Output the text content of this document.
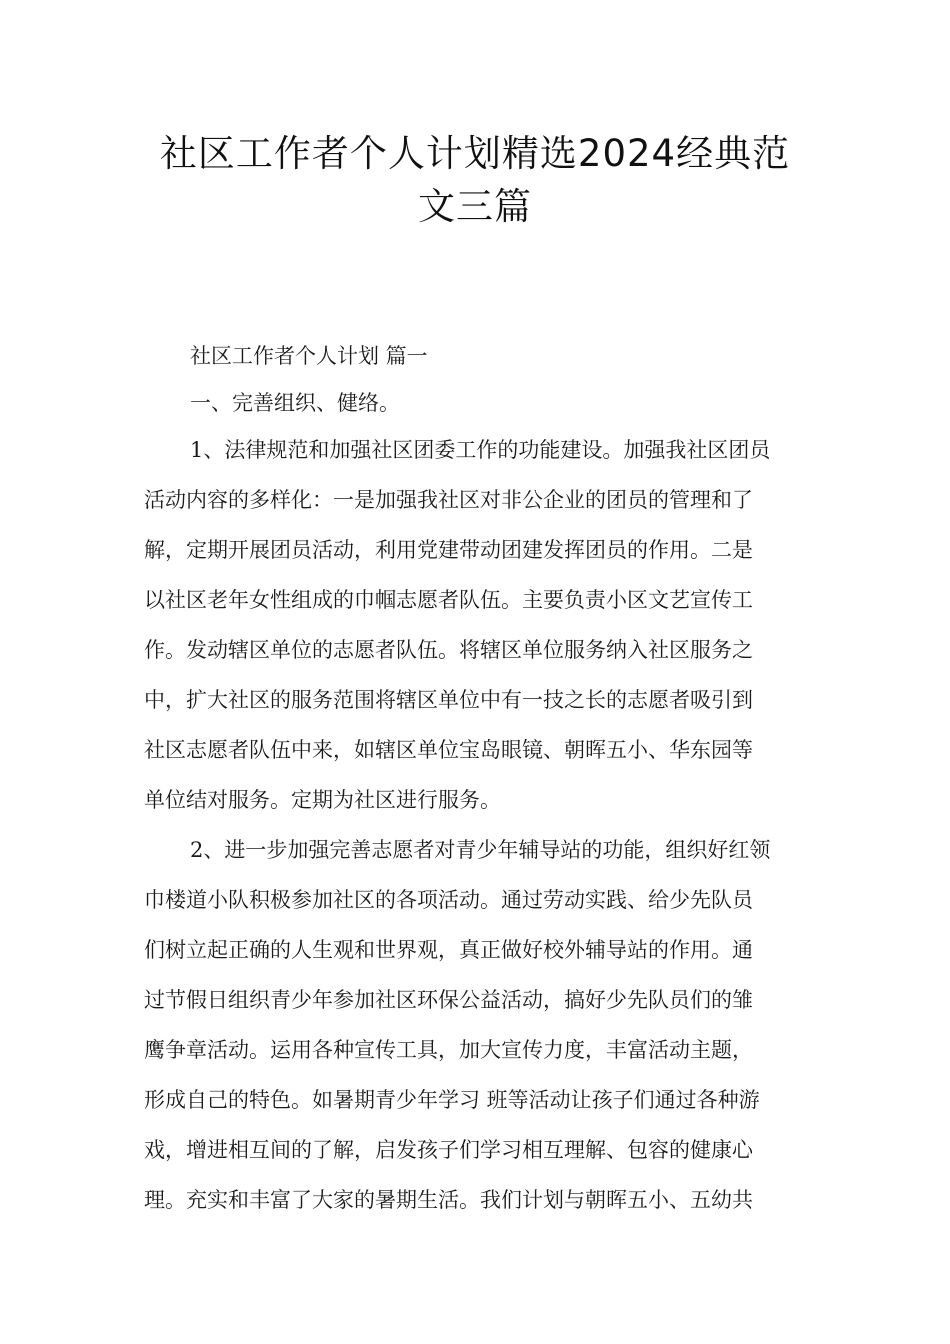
社区工作者个人计划精选2024经典范
文三篇
社区工作者个人计划 篇一
一、完善组织、健络。
1、法律规范和加强社区团委工作的功能建设。加强我社区团员
活动内容的多样化：一是加强我社区对非公企业的团员的管理和了
解，定期开展团员活动，利用党建带动团建发挥团员的作用。二是
以社区老年女性组成的巾帼志愿者队伍。主要负责小区文艺宣传工
作。发动辖区单位的志愿者队伍。将辖区单位服务纳入社区服务之
中，扩大社区的服务范围将辖区单位中有一技之长的志愿者吸引到
社区志愿者队伍中来，如辖区单位宝岛眼镜、朝晖五小、华东园等
单位结对服务。定期为社区进行服务。
2、进一步加强完善志愿者对青少年辅导站的功能，组织好红领
巾楼道小队积极参加社区的各项活动。通过劳动实践、给少先队员
们树立起正确的人生观和世界观，真正做好校外辅导站的作用。通
过节假日组织青少年参加社区环保公益活动，搞好少先队员们的雏
鹰争章活动。运用各种宣传工具，加大宣传力度，丰富活动主题，
形成自己的特色。如暑期青少年学习 班等活动让孩子们通过各种游
戏，增进相互间的了解，启发孩子们学习相互理解、包容的健康心
理。充实和丰富了大家的暑期生活。我们计划与朝晖五小、五幼共
